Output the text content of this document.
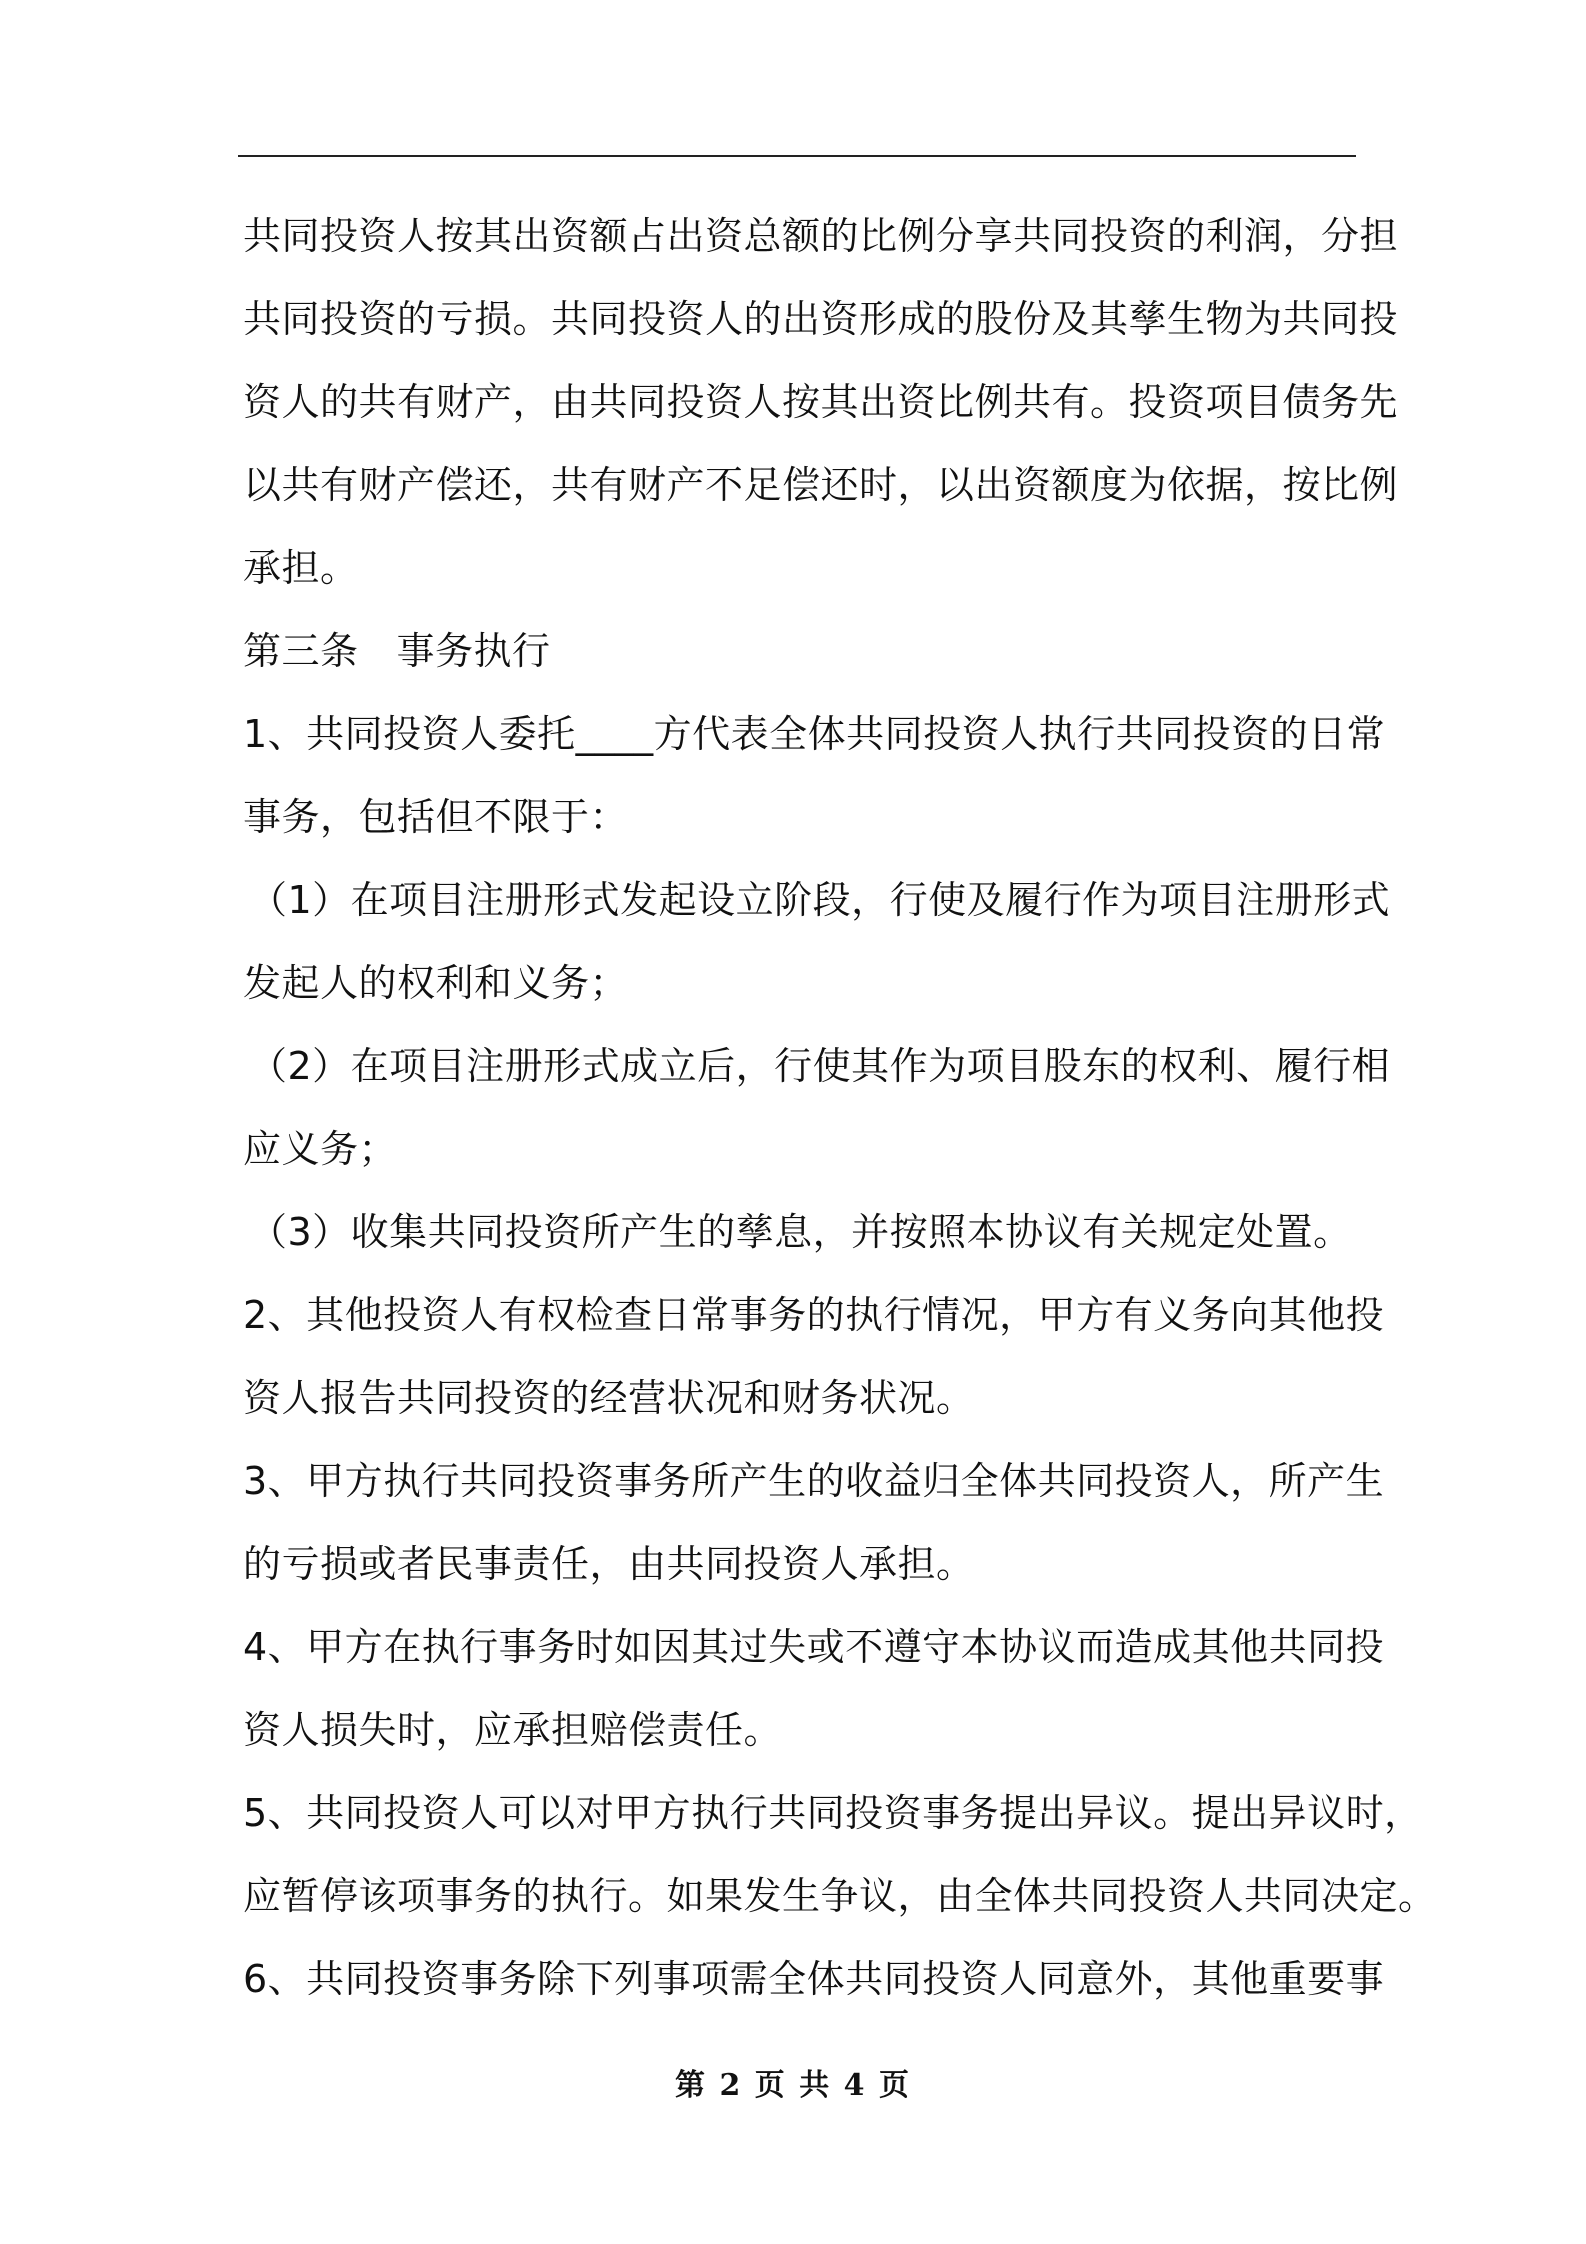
共同投资人按其出资额占出资总额的比例分享共同投资的利润，分担
共同投资的亏损。共同投资人的出资形成的股份及其孳生物为共同投
资人的共有财产，由共同投资人按其出资比例共有。投资项目债务先
以共有财产偿还，共有财产不足偿还时，以出资额度为依据，按比例
承担。
第三条 事务执行
1、共同投资人委托____方代表全体共同投资人执行共同投资的日常
事务，包括但不限于：
（1）在项目注册形式发起设立阶段，行使及履行作为项目注册形式
发起人的权利和义务；
（2）在项目注册形式成立后，行使其作为项目股东的权利、履行相
应义务；
（3）收集共同投资所产生的孳息，并按照本协议有关规定处置。
2、其他投资人有权检查日常事务的执行情况，甲方有义务向其他投
资人报告共同投资的经营状况和财务状况。
3、甲方执行共同投资事务所产生的收益归全体共同投资人，所产生
的亏损或者民事责任，由共同投资人承担。
4、甲方在执行事务时如因其过失或不遵守本协议而造成其他共同投
资人损失时，应承担赔偿责任。
5、共同投资人可以对甲方执行共同投资事务提出异议。提出异议时，
应暂停该项事务的执行。如果发生争议，由全体共同投资人共同决定。
6、共同投资事务除下列事项需全体共同投资人同意外，其他重要事
第 2 页 共 4 页
